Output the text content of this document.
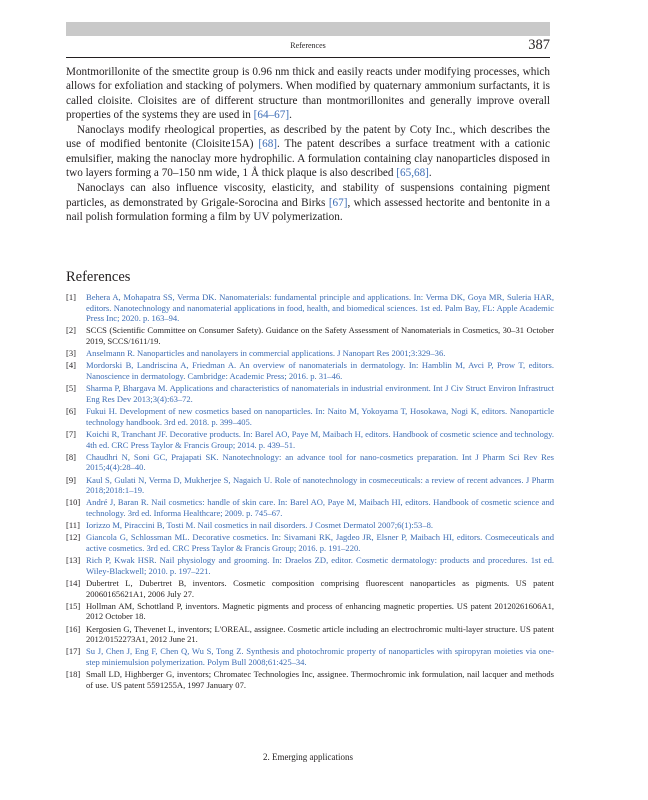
References	387

Montmorillonite of the smectite group is 0.96 nm thick and easily reacts under modifying processes, which allows for exfoliation and stacking of polymers. When modified by quaternary ammonium surfactants, it is called cloisite. Cloisites are of different structure than montmorillonites and generally improve overall properties of the systems they are used in [64–67].

Nanoclays modify rheological properties, as described by the patent by Coty Inc., which describes the use of modified bentonite (Cloisite15A) [68]. The patent describes a surface treatment with a cationic emulsifier, making the nanoclay more hydrophilic. A formulation containing clay nanoparticles disposed in two layers forming a 70–150 nm wide, 1 Å thick plaque is also described [65,68].

Nanoclays can also influence viscosity, elasticity, and stability of suspensions containing pigment particles, as demonstrated by Grigale-Sorocina and Birks [67], which assessed hectorite and bentonite in a nail polish formulation forming a film by UV polymerization.

References
[1]	Behera A, Mohapatra SS, Verma DK. Nanomaterials: fundamental principle and applications. In: Verma DK, Goya MR, Suleria HAR, editors. Nanotechnology and nanomaterial applications in food, health, and biomedical sciences. 1st ed. Palm Bay, FL: Apple Academic Press Inc; 2020. p. 163–94.
[2]	SCCS (Scientific Committee on Consumer Safety). Guidance on the Safety Assessment of Nanomaterials in Cosmetics, 30–31 October 2019, SCCS/1611/19.
[3]	Anselmann R. Nanoparticles and nanolayers in commercial applications. J Nanopart Res 2001;3:329–36.
[4]	Mordorski B, Landriscina A, Friedman A. An overview of nanomaterials in dermatology. In: Hamblin M, Avci P, Prow T, editors. Nanoscience in dermatology. Cambridge: Academic Press; 2016. p. 31–46.
[5]	Sharma P, Bhargava M. Applications and characteristics of nanomaterials in industrial environment. Int J Civ Struct Environ Infrastruct Eng Res Dev 2013;3(4):63–72.
[6]	Fukui H. Development of new cosmetics based on nanoparticles. In: Naito M, Yokoyama T, Hosokawa, Nogi K, editors. Nanoparticle technology handbook. 3rd ed. 2018. p. 399–405.
[7]	Koichi R, Tranchant JF. Decorative products. In: Barel AO, Paye M, Maibach H, editors. Handbook of cosmetic science and technology. 4th ed. CRC Press Taylor & Francis Group; 2014. p. 439–51.
[8]	Chaudhri N, Soni GC, Prajapati SK. Nanotechnology: an advance tool for nano-cosmetics preparation. Int J Pharm Sci Rev Res 2015;4(4):28–40.
[9]	Kaul S, Gulati N, Verma D, Mukherjee S, Nagaich U. Role of nanotechnology in cosmeceuticals: a review of recent advances. J Pharm 2018;2018:1–19.
[10] André J, Baran R. Nail cosmetics: handle of skin care. In: Barel AO, Paye M, Maibach HI, editors. Handbook of cosmetic science and technology. 3rd ed. Informa Healthcare; 2009. p. 745–67.
[11] Iorizzo M, Piraccini B, Tosti M. Nail cosmetics in nail disorders. J Cosmet Dermatol 2007;6(1):53–8.
[12] Giancola G, Schlossman ML. Decorative cosmetics. In: Sivamani RK, Jagdeo JR, Elsner P, Maibach HI, editors. Cosmeceuticals and active cosmetics. 3rd ed. CRC Press Taylor & Francis Group; 2016. p. 191–220.
[13] Rich P, Kwak HSR. Nail physiology and grooming. In: Draelos ZD, editor. Cosmetic dermatology: products and procedures. 1st ed. Wiley-Blackwell; 2010. p. 197–221.
[14] Dubertret L, Dubertret B, inventors. Cosmetic composition comprising fluorescent nanoparticles as pigments. US patent 20060165621A1, 2006 July 27.
[15] Hollman AM, Schottland P, inventors. Magnetic pigments and process of enhancing magnetic properties. US patent 20120261606A1, 2012 October 18.
[16] Kergosien G, Thevenet L, inventors; L'OREAL, assignee. Cosmetic article including an electrochromic multi-layer structure. US patent 2012/0152273A1, 2012 June 21.
[17] Su J, Chen J, Eng F, Chen Q, Wu S, Tong Z. Synthesis and photochromic property of nanoparticles with spiropyran moieties via one-step miniemulsion polymerization. Polym Bull 2008;61:425–34.
[18] Small LD, Highberger G, inventors; Chromatec Technologies Inc, assignee. Thermochromic ink formulation, nail lacquer and methods of use. US patent 5591255A, 1997 January 07.
2. Emerging applications
